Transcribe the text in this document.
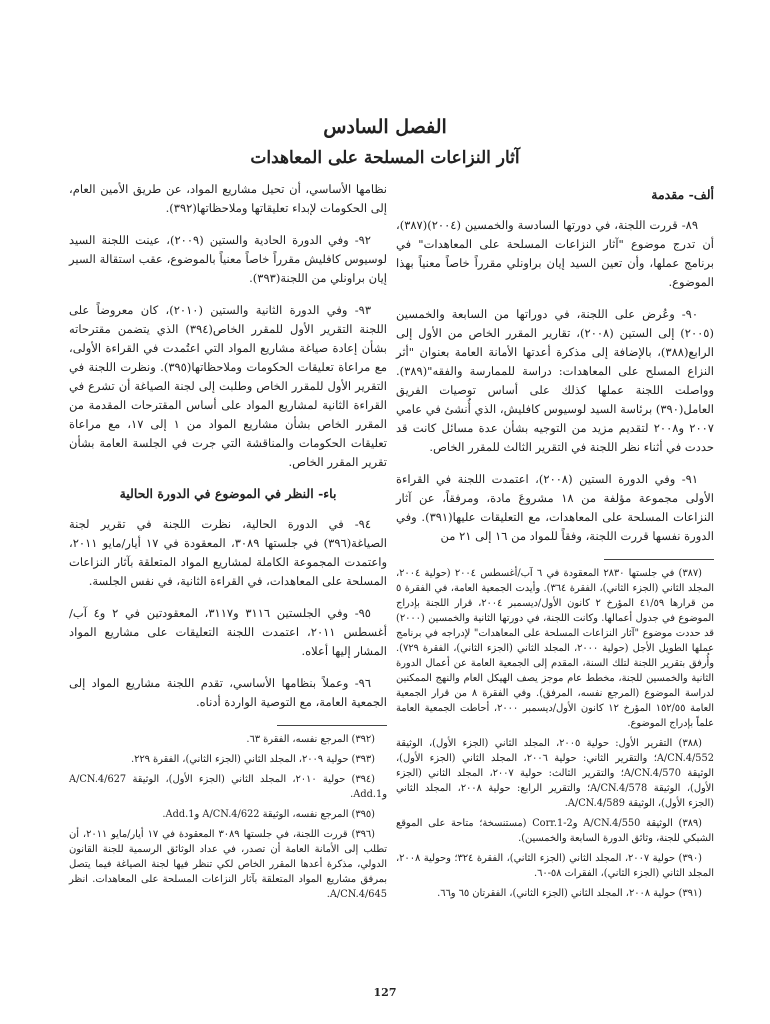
الفصل السادس
آثار النزاعات المسلحة على المعاهدات
ألف- مقدمة

٨٩- قررت اللجنة، في دورتها السادسة والخمسين (٢٠٠٤)(٣٨٧)، أن تدرج موضوع "آثار النزاعات المسلحة على المعاهدات" في برنامج عملها، وأن تعين السيد إيان براونلي مقرراً خاصاً معنياً بهذا الموضوع.

٩٠- وعُرض على اللجنة، في دوراتها من السابعة والخمسين (٢٠٠٥) إلى الستين (٢٠٠٨)، تقارير المقرر الخاص من الأول إلى الرابع(٣٨٨)، بالإضافة إلى مذكرة أعدتها الأمانة العامة بعنوان "أثر النزاع المسلح على المعاهدات: دراسة للممارسة والفقه"(٣٨٩). وواصلت اللجنة عملها كذلك على أساس توصيات الفريق العامل(٣٩٠) برئاسة السيد لوسيوس كافليش، الذي أُنشئ في عامي ٢٠٠٧ و٢٠٠٨ لتقديم مزيد من التوجيه بشأن عدة مسائل كانت قد حددت في أثناء نظر اللجنة في التقرير الثالث للمقرر الخاص.

٩١- وفي الدورة الستين (٢٠٠٨)، اعتمدت اللجنة في القراءة الأولى مجموعة مؤلفة من ١٨ مشروعَ مادة، ومرفقاً، عن آثار النزاعات المسلحة على المعاهدات، مع التعليقات عليها(٣٩١). وفي الدورة نفسها قررت اللجنة، وفقاً للمواد من ١٦ إلى ٢١ من

(٣٨٧) في جلستها ٢٨٣٠ المعقودة في ٦ آب/أغسطس ٢٠٠٤ (حولية ٢٠٠٤، المجلد الثاني (الجزء الثاني)، الفقرة ٣٦٤). وأيدت الجمعية العامة، في الفقرة ٥ من قرارها ٤١/٥٩ المؤرخ ٢ كانون الأول/ديسمبر ٢٠٠٤، قرار اللجنة بإدراج الموضوع في جدول أعمالها. وكانت اللجنة، في دورتها الثانية والخمسين (٢٠٠٠) قد حددت موضوع "آثار النزاعات المسلحة على المعاهدات" لإدراجه في برنامج عملها الطويل الأجل (حولية ٢٠٠٠، المجلد الثاني (الجزء الثاني)، الفقرة ٧٢٩). وأُرفق بتقرير اللجنة لتلك السنة، المقدم إلى الجمعية العامة عن أعمال الدورة الثانية والخمسين للجنة، مخطط عام موجز يصف الهيكل العام والنهج الممكنين لدراسة الموضوع (المرجع نفسه، المرفق). وفي الفقرة ٨ من قرار الجمعية العامة ١٥٢/٥٥ المؤرخ ١٢ كانون الأول/ديسمبر ٢٠٠٠، أحاطت الجمعية العامة علماً بإدراج الموضوع.

(٣٨٨) التقرير الأول: حولية ٢٠٠٥، المجلد الثاني (الجزء الأول)، الوثيقة A/CN.4/552؛ والتقرير الثاني: حولية ٢٠٠٦، المجلد الثاني (الجزء الأول)، الوثيقة A/CN.4/570؛ والتقرير الثالث: حولية ٢٠٠٧، المجلد الثاني (الجزء الأول)، الوثيقة A/CN.4/578؛ والتقرير الرابع: حولية ٢٠٠٨، المجلد الثاني (الجزء الأول)، الوثيقة A/CN.4/589.

(٣٨٩) الوثيقة A/CN.4/550 وCorr.1-2 (مستنسخة؛ متاحة على الموقع الشبكي للجنة، وثائق الدورة السابعة والخمسين).

(٣٩٠) حولية ٢٠٠٧، المجلد الثاني (الجزء الثاني)، الفقرة ٣٢٤؛ وحولية ٢٠٠٨، المجلد الثاني (الجزء الثاني)، الفقرات ٥٨-٦٠.

(٣٩١) حولية ٢٠٠٨، المجلد الثاني (الجزء الثاني)، الفقرتان ٦٥ و٦٦.

نظامها الأساسي، أن تحيل مشاريع المواد، عن طريق الأمين العام، إلى الحكومات لإبداء تعليقاتها وملاحظاتها(٣٩٢).

٩٢- وفي الدورة الحادية والستين (٢٠٠٩)، عينت اللجنة السيد لوسيوس كافليش مقرراً خاصاً معنياً بالموضوع، عقب استقالة السير إيان براونلي من اللجنة(٣٩٣).

٩٣- وفي الدورة الثانية والستين (٢٠١٠)، كان معروضاً على اللجنة التقرير الأول للمقرر الخاص(٣٩٤) الذي يتضمن مقترحاته بشأن إعادة صياغة مشاريع المواد التي اعتُمدت في القراءة الأولى، مع مراعاة تعليقات الحكومات وملاحظاتها(٣٩٥). ونظرت اللجنة في التقرير الأول للمقرر الخاص وطلبت إلى لجنة الصياغة أن تشرع في القراءة الثانية لمشاريع المواد على أساس المقترحات المقدمة من المقرر الخاص بشأن مشاريع المواد من ١ إلى ١٧، مع مراعاة تعليقات الحكومات والمناقشة التي جرت في الجلسة العامة بشأن تقرير المقرر الخاص.

باء- النظر في الموضوع في الدورة الحالية

٩٤- في الدورة الحالية، نظرت اللجنة في تقرير لجنة الصياغة(٣٩٦) في جلستها ٣٠٨٩، المعقودة في ١٧ أيار/مايو ٢٠١١، واعتمدت المجموعة الكاملة لمشاريع المواد المتعلقة بآثار النزاعات المسلحة على المعاهدات، في القراءة الثانية، في نفس الجلسة.

٩٥- وفي الجلستين ٣١١٦ و٣١١٧، المعقودتين في ٢ و٤ آب/أغسطس ٢٠١١، اعتمدت اللجنة التعليقات على مشاريع المواد المشار إليها أعلاه.

٩٦- وعملاً بنظامها الأساسي، تقدم اللجنة مشاريع المواد إلى الجمعية العامة، مع التوصية الواردة أدناه.

(٣٩٢) المرجع نفسه، الفقرة ٦٣.

(٣٩٣) حولية ٢٠٠٩، المجلد الثاني (الجزء الثاني)، الفقرة ٢٢٩.

(٣٩٤) حولية ٢٠١٠، المجلد الثاني (الجزء الأول)، الوثيقة A/CN.4/627 وAdd.1.

(٣٩٥) المرجع نفسه، الوثيقة A/CN.4/622 وAdd.1.

(٣٩٦) قررت اللجنة، في جلستها ٣٠٨٩ المعقودة في ١٧ أيار/مايو ٢٠١١، أن تطلب إلى الأمانة العامة أن تصدر، في عداد الوثائق الرسمية للجنة القانون الدولي، مذكرة أعدها المقرر الخاص لكي تنظر فيها لجنة الصياغة فيما يتصل بمرفق مشاريع المواد المتعلقة بآثار النزاعات المسلحة على المعاهدات. انظر A/CN.4/645.

127
